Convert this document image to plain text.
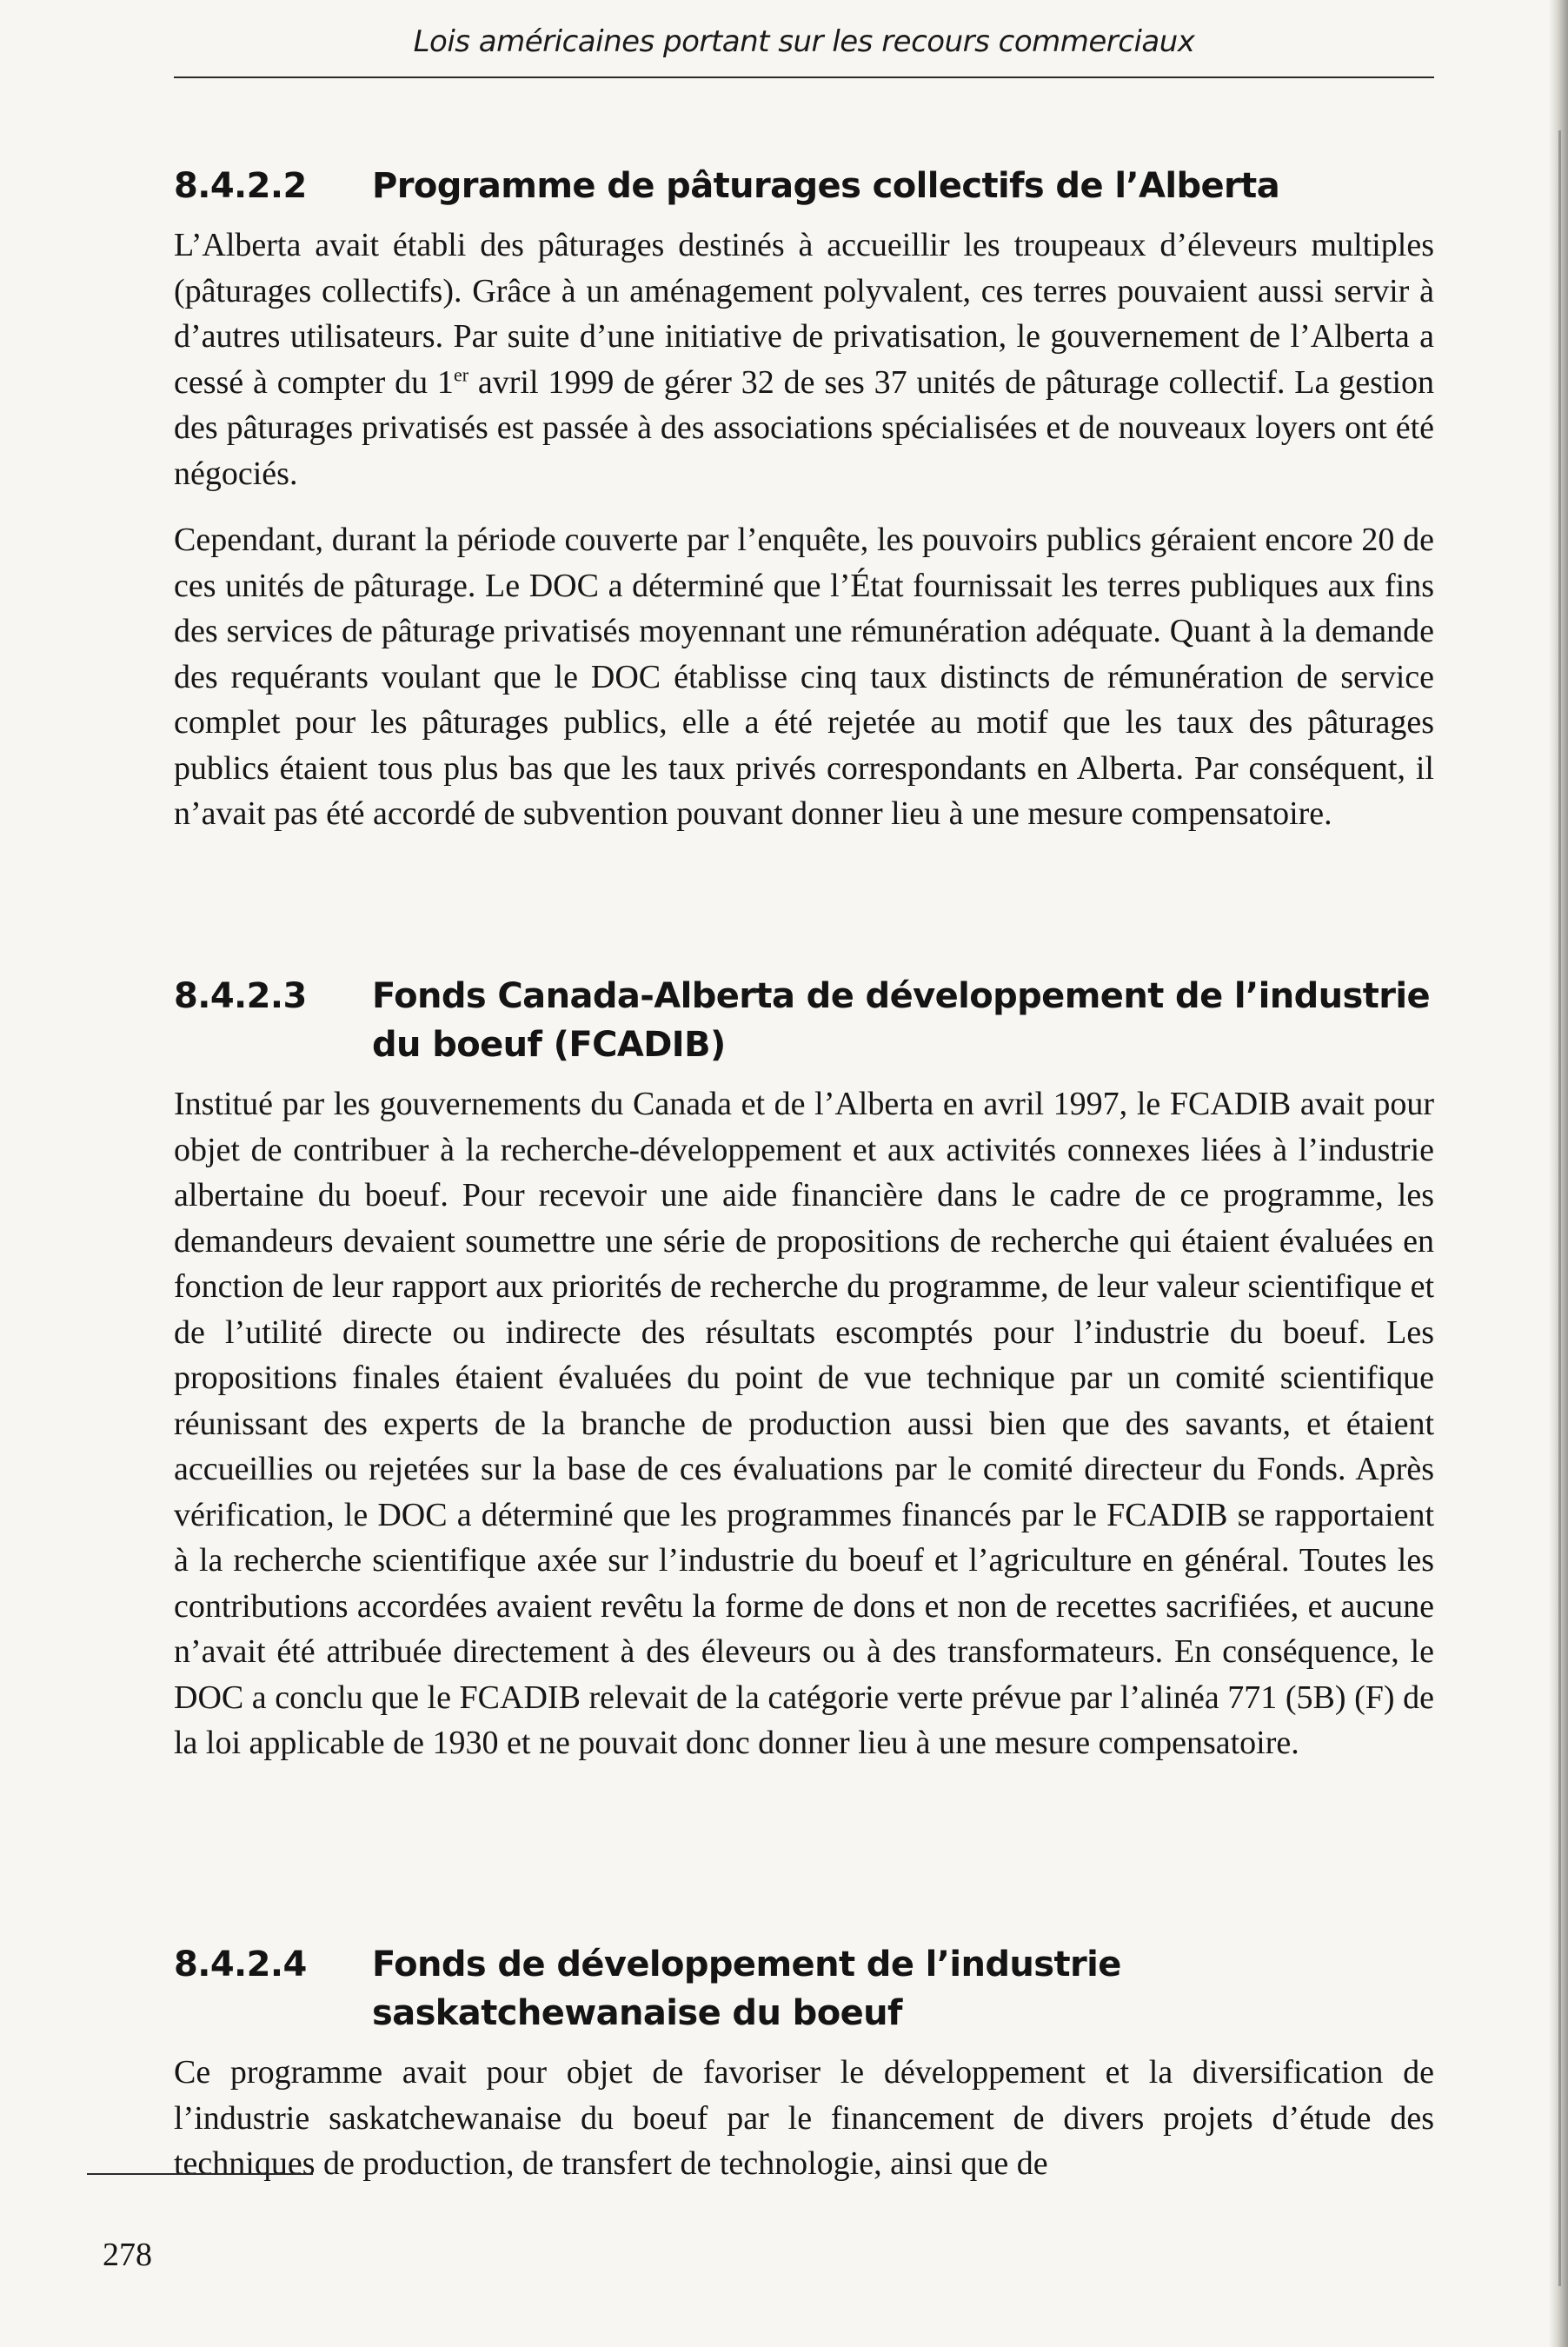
Lois américaines portant sur les recours commerciaux
8.4.2.2	Programme de pâturages collectifs de l’Alberta

L’Alberta avait établi des pâturages destinés à accueillir les troupeaux d’éleveurs multiples (pâturages collectifs). Grâce à un aménagement polyvalent, ces terres pouvaient aussi servir à d’autres utilisateurs. Par suite d’une initiative de privatisation, le gouvernement de l’Alberta a cessé à compter du 1er avril 1999 de gérer 32 de ses 37 unités de pâturage collectif. La gestion des pâturages privatisés est passée à des associations spécialisées et de nouveaux loyers ont été négociés.

Cependant, durant la période couverte par l’enquête, les pouvoirs publics géraient encore 20 de ces unités de pâturage. Le DOC a déterminé que l’État fournissait les terres publiques aux fins des services de pâturage privatisés moyennant une rémunération adéquate. Quant à la demande des requérants voulant que le DOC établisse cinq taux distincts de rémunération de service complet pour les pâturages publics, elle a été rejetée au motif que les taux des pâturages publics étaient tous plus bas que les taux privés correspondants en Alberta. Par conséquent, il n’avait pas été accordé de subvention pouvant donner lieu à une mesure compensatoire.

8.4.2.3	Fonds Canada-Alberta de développement de l’industrie du boeuf (FCADIB)

Institué par les gouvernements du Canada et de l’Alberta en avril 1997, le FCADIB avait pour objet de contribuer à la recherche-développement et aux activités connexes liées à l’industrie albertaine du boeuf. Pour recevoir une aide financière dans le cadre de ce programme, les demandeurs devaient soumettre une série de propositions de recherche qui étaient évaluées en fonction de leur rapport aux priorités de recherche du programme, de leur valeur scientifique et de l’utilité directe ou indirecte des résultats escomptés pour l’industrie du boeuf. Les propositions finales étaient évaluées du point de vue technique par un comité scientifique réunissant des experts de la branche de production aussi bien que des savants, et étaient accueillies ou rejetées sur la base de ces évaluations par le comité directeur du Fonds. Après vérification, le DOC a déterminé que les programmes financés par le FCADIB se rapportaient à la recherche scientifique axée sur l’industrie du boeuf et l’agriculture en général. Toutes les contributions accordées avaient revêtu la forme de dons et non de recettes sacrifiées, et aucune n’avait été attribuée directement à des éleveurs ou à des transformateurs. En conséquence, le DOC a conclu que le FCADIB relevait de la catégorie verte prévue par l’alinéa 771 (5B) (F) de la loi applicable de 1930 et ne pouvait donc donner lieu à une mesure compensatoire.

8.4.2.4	Fonds de développement de l’industrie saskatchewanaise du boeuf

Ce programme avait pour objet de favoriser le développement et la diversification de l’industrie saskatchewanaise du boeuf par le financement de divers projets d’étude des techniques de production, de transfert de technologie, ainsi que de

278
